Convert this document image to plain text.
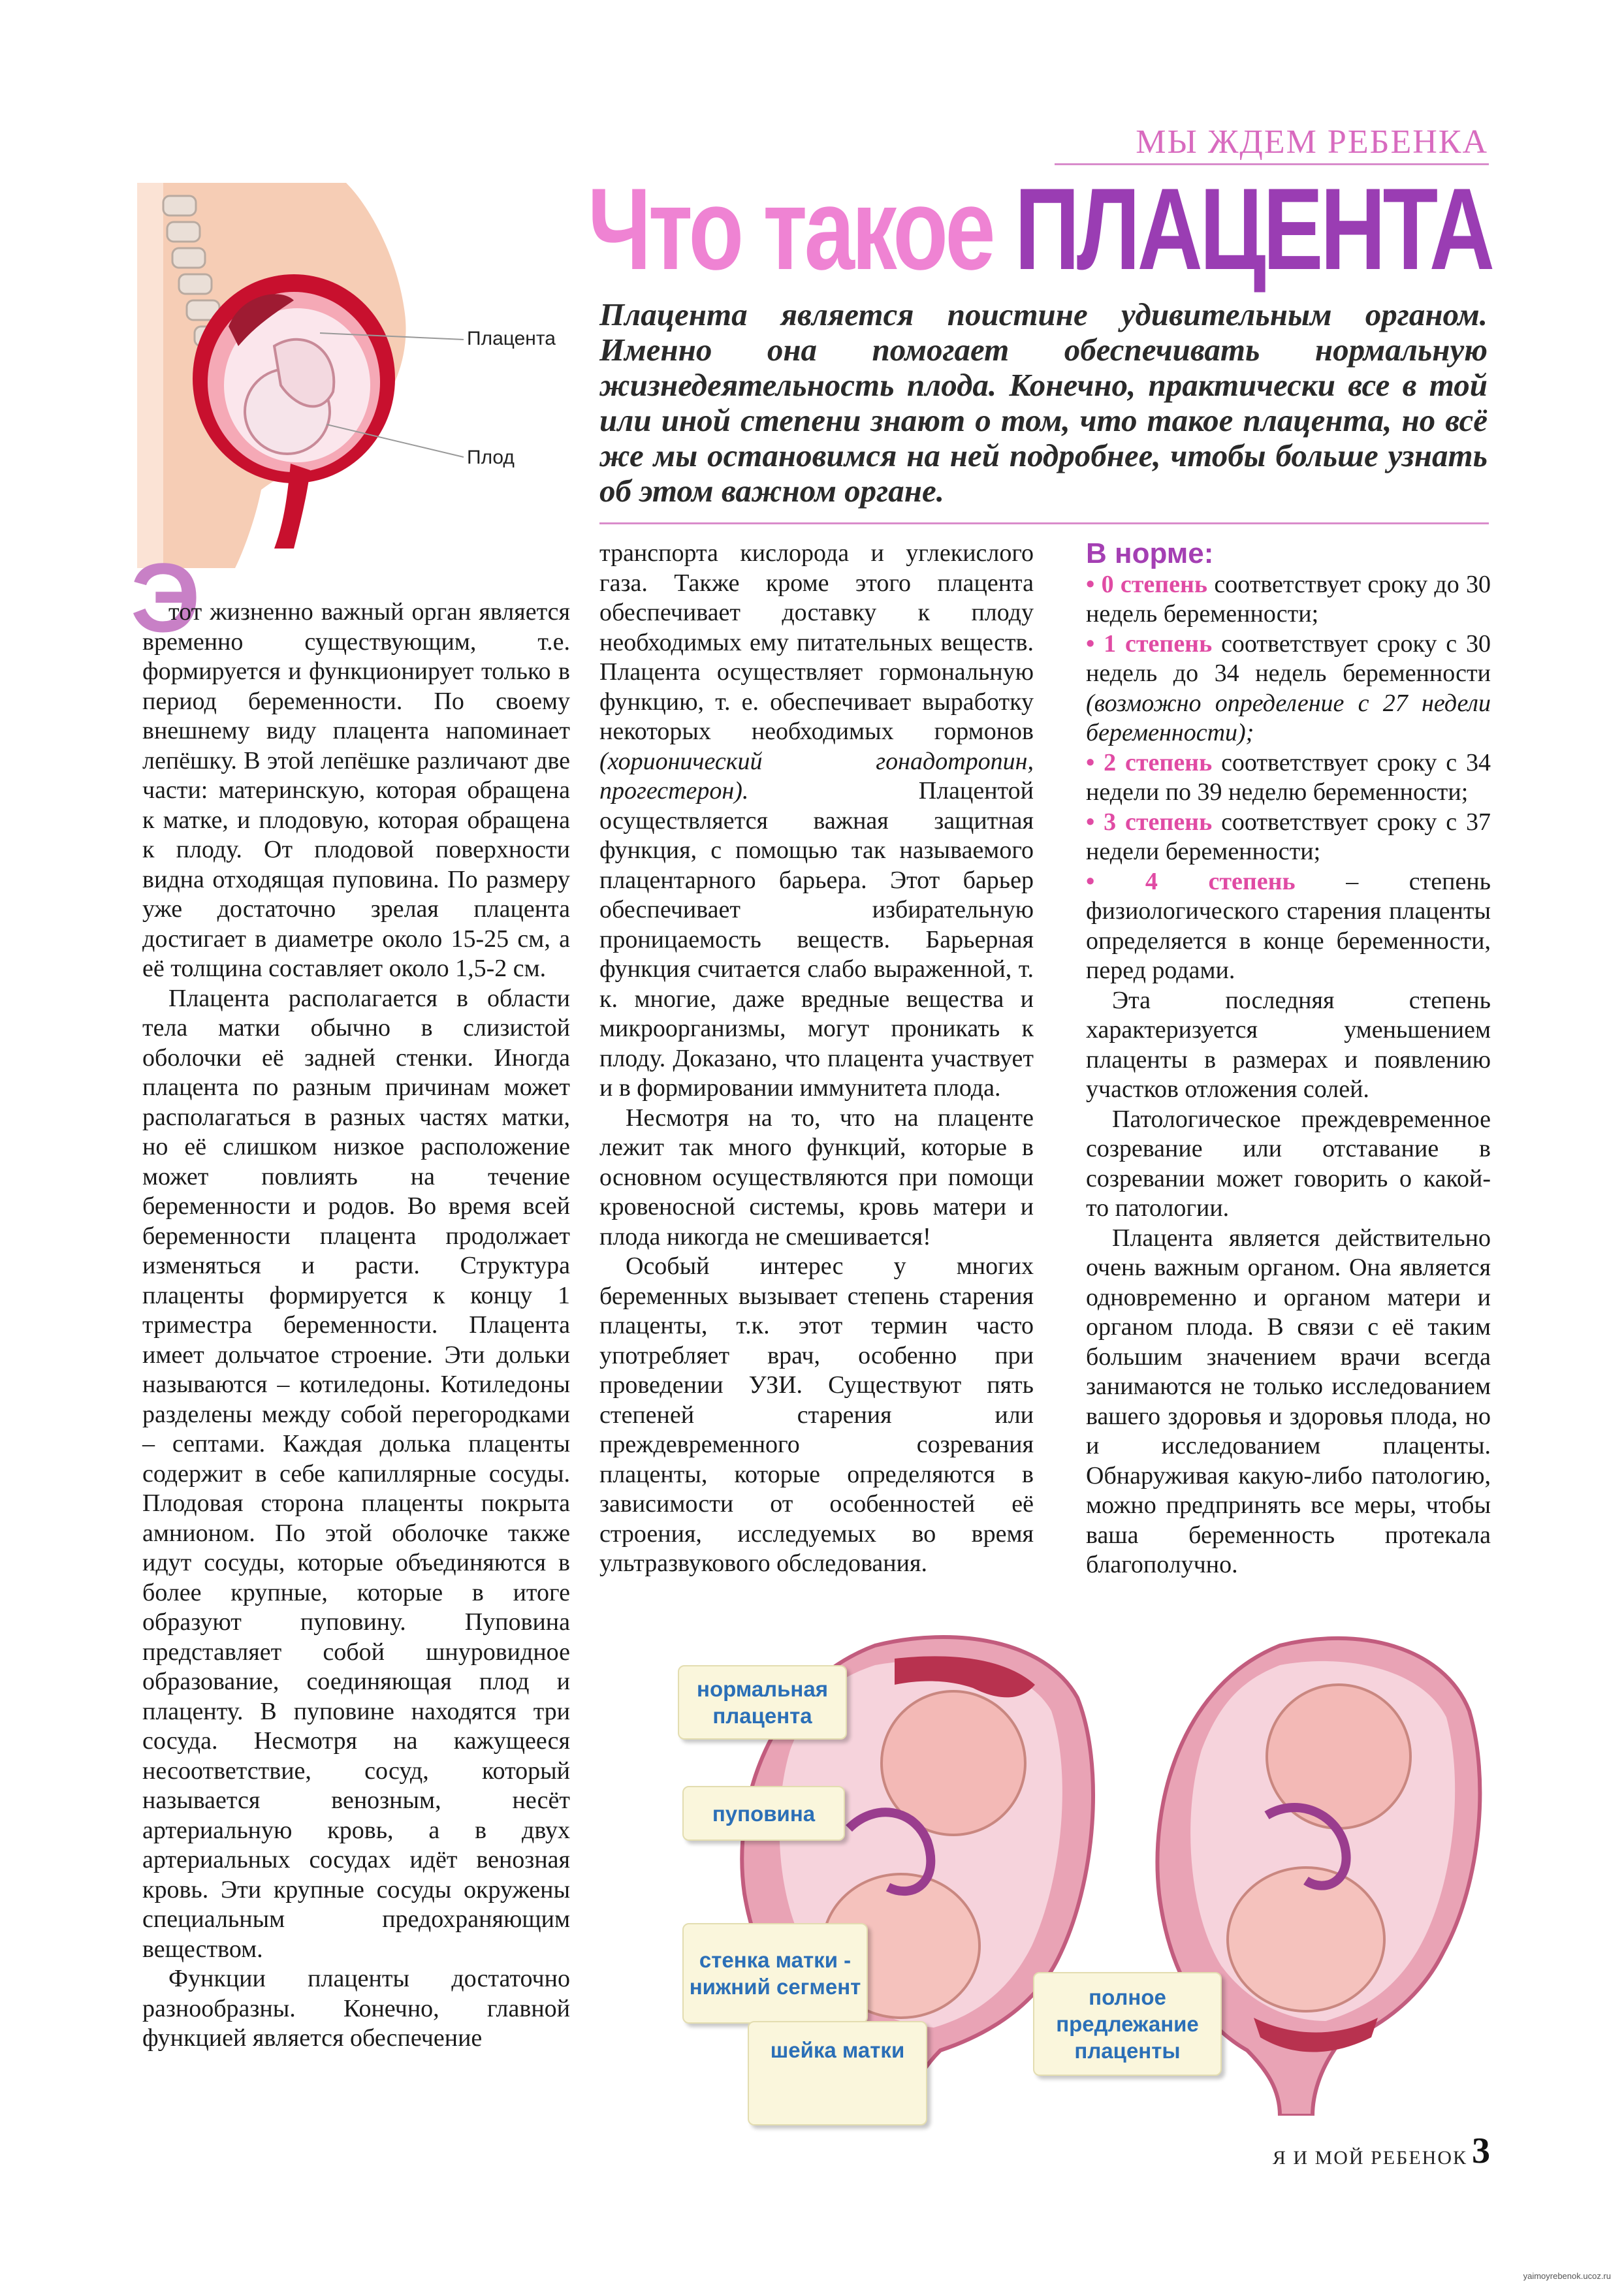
МЫ ЖДЕМ РЕБЕНКА
Что такое ПЛАЦЕНТА
Плацента является поистине удивительным органом. Именно она помогает обеспечивать нормальную жизнедеятельность плода. Конечно, практически все в той или иной степени знают о том, что такое плацента, но всё же мы остановимся на ней подробнее, чтобы больше узнать об этом важном органе.
Плацента
Плод
Э

тот жизненно важный орган является временно существующим, т.е. формируется и функционирует только в период беременности. По своему внешнему виду плацента напоминает лепёшку. В этой лепёшке различают две части: материнскую, которая обращена к матке, и плодовую, которая обращена к плоду. От плодовой поверхности видна отходящая пуповина. По размеру уже достаточно зрелая плацента достигает в диаметре около 15-25 см, а её толщина составляет около 1,5-2 см.

Плацента располагается в области тела матки обычно в слизистой оболочки её задней стенки. Иногда плацента по разным причинам может располагаться в разных частях матки, но её слишком низкое расположение может повлиять на течение беременности и родов. Во время всей беременности плацента продолжает изменяться и расти. Структура плаценты формируется к концу 1 триместра беременности. Плацента имеет дольчатое строение. Эти дольки называются – котиледоны. Котиледоны разделены между собой перегородками – септами. Каждая долька плаценты содержит в себе капиллярные сосуды. Плодовая сторона плаценты покрыта амнионом. По этой оболочке также идут сосуды, которые объединяются в более крупные, которые в итоге образуют пуповину. Пуповина представляет собой шнуровидное образование, соединяющая плод и плаценту. В пуповине находятся три сосуда. Несмотря на кажущееся несоответствие, сосуд, который называется венозным, несёт артериальную кровь, а в двух артериальных сосудах идёт венозная кровь. Эти крупные сосуды окружены специальным предохраняющим веществом.

Функции плаценты достаточно разнообразны. Конечно, главной функцией является обеспечение

транспорта кислорода и углекислого газа. Также кроме этого плацента обеспечивает доставку к плоду необходимых ему питательных веществ. Плацента осуществляет гормональную функцию, т. е. обеспечивает выработку некоторых необходимых гормонов (хорионический гонадотропин, прогестерон).	Плацентой осуществляется важная защитная функция, с помощью так называемого плацентарного барьера. Этот барьер обеспечивает избирательную проницаемость веществ. Барьерная функция считается слабо выраженной, т. к. многие, даже вредные вещества и микроорганизмы, могут проникать к плоду. Доказано, что плацента участвует и в формировании иммунитета плода.

Несмотря на то, что на плаценте лежит так много функций, которые в основном осуществляются при помощи кровеносной системы, кровь матери и плода никогда не смешивается!

Особый интерес у многих беременных вызывает степень старения плаценты, т.к. этот термин часто употребляет врач, особенно при проведении УЗИ. Существуют пять степеней старения или преждевременного созревания плаценты, которые определяются в зависимости от особенностей её строения, исследуемых во время ультразвукового обследования.

В норме:

• 0 степень соответствует сроку до 30 недель беременности;

• 1 степень соответствует сроку с 30 недель до 34 недель беременности (возможно определение с 27 недели беременности);

• 2 степень соответствует сроку с 34 недели по 39 неделю беременности;

• 3 степень соответствует сроку с 37 недели беременности;

• 4 степень – степень физиологического старения плаценты определяется в конце беременности, перед родами.

Эта последняя степень характеризуется уменьшением плаценты в размерах и появлению участков отложения солей.

Патологическое преждевременное созревание или отставание в созревании может говорить о какой-то патологии.

Плацента является действительно очень важным органом. Она является одновременно и органом матери и органом плода. В связи с её таким большим значением врачи всегда занимаются не только исследованием вашего здоровья и здоровья плода, но и исследованием плаценты. Обнаруживая какую-либо патологию, можно предпринять все меры, чтобы ваша беременность протекала благополучно.

нормальная плацента
пуповина
стенка матки - нижний сегмент
шейка матки
полное предлежание плаценты
Я И МОЙ РЕБЕНОК 3
yaimoyrebenok.ucoz.ru
